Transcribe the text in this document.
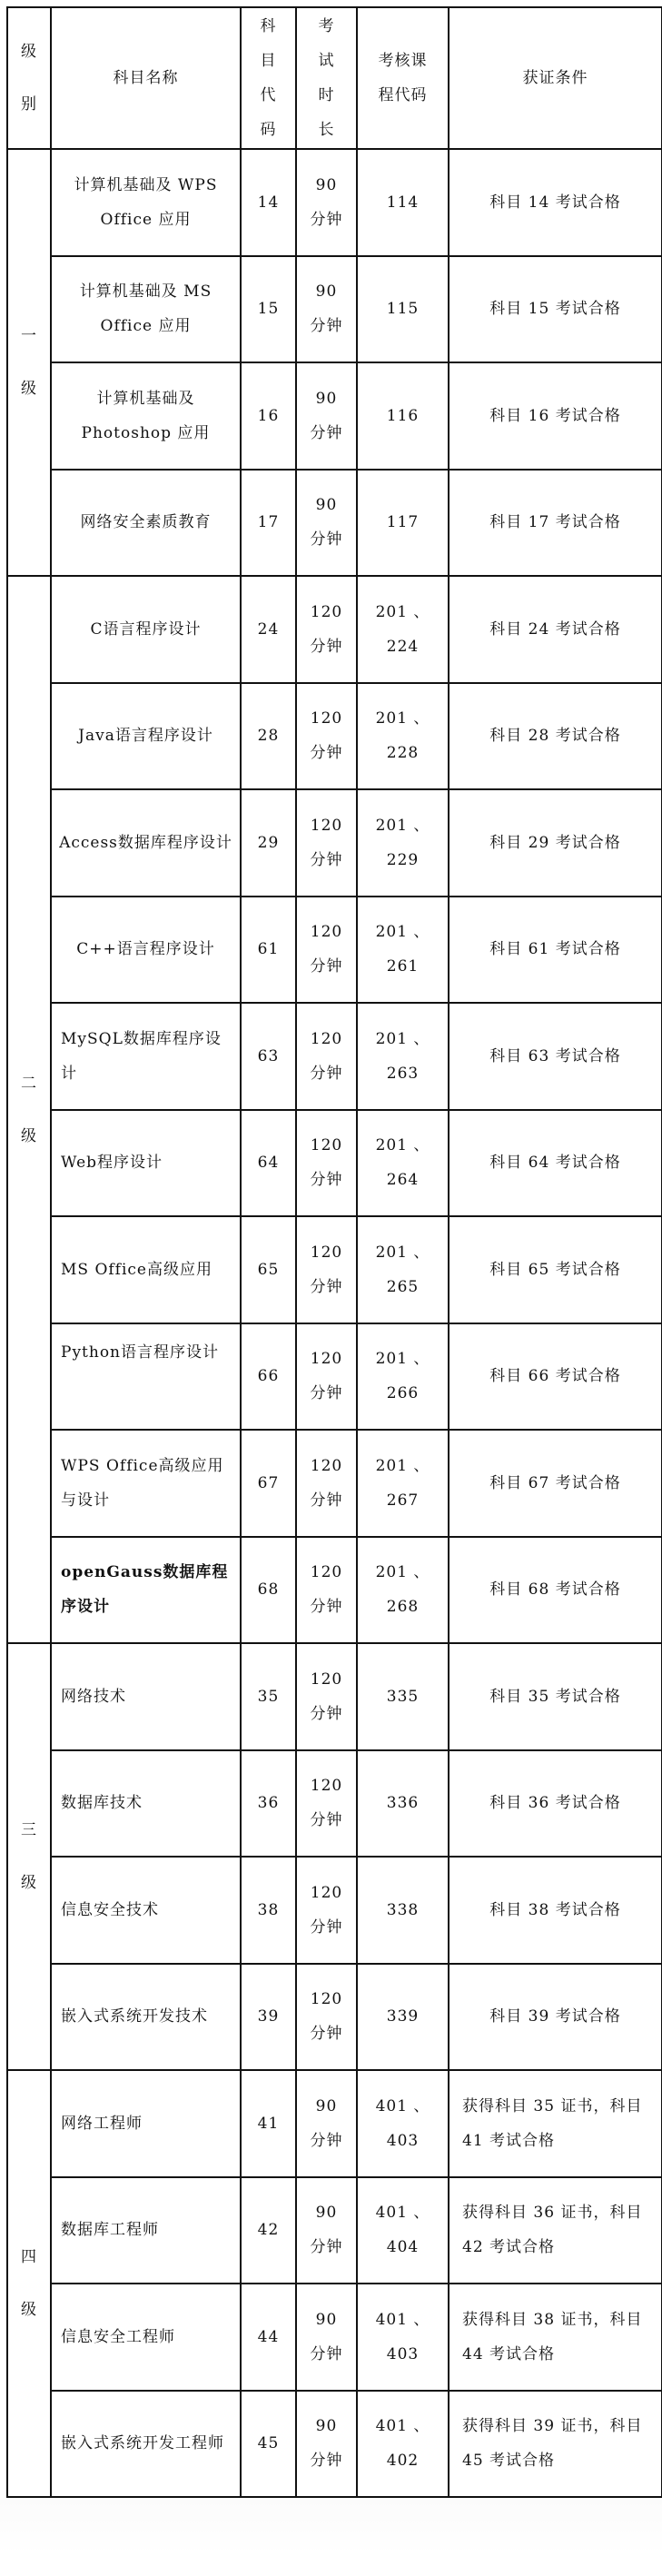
级别	科目名称	科目代码	考试时长	考核课程代码	获证条件
一级	计算机基础及 WPS Office 应用	14	90分钟	114	科目 14 考试合格
	计算机基础及 MS Office 应用	15	90分钟	115	科目 15 考试合格
	计算机基础及 Photoshop 应用	16	90分钟	116	科目 16 考试合格
	网络安全素质教育	17	90分钟	117	科目 17 考试合格
二级	C语言程序设计	24	120分钟	201 、224	科目 24 考试合格
	Java语言程序设计	28	120分钟	201 、228	科目 28 考试合格
	Access数据库程序设计	29	120分钟	201 、229	科目 29 考试合格
	C++语言程序设计	61	120分钟	201 、261	科目 61 考试合格
	MySQL数据库程序设计	63	120分钟	201 、263	科目 63 考试合格
	Web程序设计	64	120分钟	201 、264	科目 64 考试合格
	MS Office高级应用	65	120分钟	201 、265	科目 65 考试合格
	Python语言程序设计	66	120分钟	201 、266	科目 66 考试合格
	WPS Office高级应用与设计	67	120分钟	201 、267	科目 67 考试合格
	openGauss数据库程序设计	68	120分钟	201 、268	科目 68 考试合格
三级	网络技术	35	120分钟	335	科目 35 考试合格
	数据库技术	36	120分钟	336	科目 36 考试合格
	信息安全技术	38	120分钟	338	科目 38 考试合格
	嵌入式系统开发技术	39	120分钟	339	科目 39 考试合格
四级	网络工程师	41	90分钟	401 、403	获得科目 35 证书，科目 41 考试合格
	数据库工程师	42	90分钟	401 、404	获得科目 36 证书，科目 42 考试合格
	信息安全工程师	44	90分钟	401 、403	获得科目 38 证书，科目 44 考试合格
	嵌入式系统开发工程师	45	90分钟	401 、402	获得科目 39 证书，科目 45 考试合格
